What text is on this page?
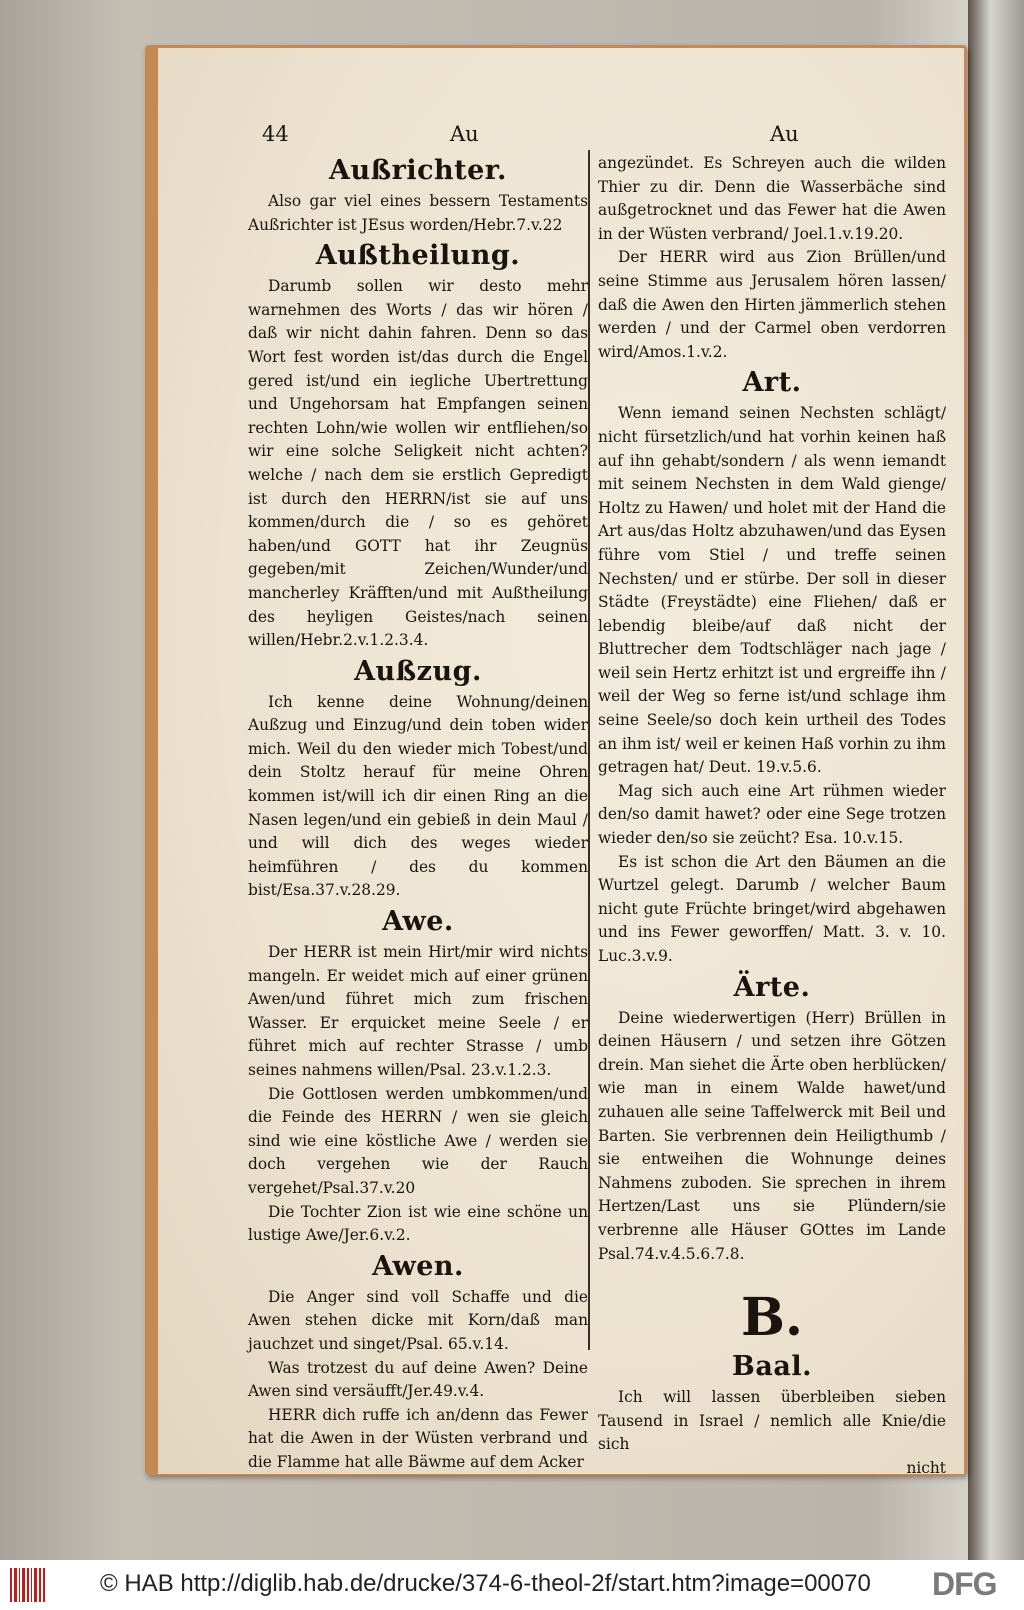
44	Au	Au
Außrichter.

Also gar viel eines bessern Testaments Außrichter ist JEsus worden/Hebr.7.v.22

Außtheilung.

Darumb sollen wir desto mehr warnehmen des Worts / das wir hören / daß wir nicht dahin fahren. Denn so das Wort fest worden ist/das durch die Engel gered ist/und ein iegliche Ubertrettung und Ungehorsam hat Empfangen seinen rechten Lohn/wie wollen wir entfliehen/so wir eine solche Seligkeit nicht achten? welche / nach dem sie erstlich Gepredigt ist durch den HERRN/ist sie auf uns kommen/durch die / so es gehöret haben/und GOTT hat ihr Zeugnüs gegeben/mit Zeichen/Wunder/und mancherley Kräfften/und mit Außtheilung des heyligen Geistes/nach seinen willen/Hebr.2.v.1.2.3.4.

Außzug.

Ich kenne deine Wohnung/deinen Außzug und Einzug/und dein toben wider mich. Weil du den wieder mich Tobest/und dein Stoltz herauf für meine Ohren kommen ist/will ich dir einen Ring an die Nasen legen/und ein gebieß in dein Maul / und will dich des weges wieder heimführen / des du kommen bist/Esa.37.v.28.29.

Awe.

Der HERR ist mein Hirt/mir wird nichts mangeln. Er weidet mich auf einer grünen Awen/und führet mich zum frischen Wasser. Er erquicket meine Seele / er führet mich auf rechter Strasse / umb seines nahmens willen/Psal. 23.v.1.2.3.

Die Gottlosen werden umbkommen/und die Feinde des HERRN / wen sie gleich sind wie eine köstliche Awe / werden sie doch vergehen wie der Rauch vergehet/Psal.37.v.20

Die Tochter Zion ist wie eine schöne un lustige Awe/Jer.6.v.2.

Awen.

Die Anger sind voll Schaffe und die Awen stehen dicke mit Korn/daß man jauchzet und singet/Psal. 65.v.14.

Was trotzest du auf deine Awen? Deine Awen sind versäufft/Jer.49.v.4.

HERR dich ruffe ich an/denn das Fewer hat die Awen in der Wüsten verbrand und die Flamme hat alle Bäwme auf dem Acker

angezündet. Es Schreyen auch die wilden Thier zu dir. Denn die Wasserbäche sind außgetrocknet und das Fewer hat die Awen in der Wüsten verbrand/ Joel.1.v.19.20.

Der HERR wird aus Zion Brüllen/und seine Stimme aus Jerusalem hören lassen/ daß die Awen den Hirten jämmerlich stehen werden / und der Carmel oben verdorren wird/Amos.1.v.2.

Art.

Wenn iemand seinen Nechsten schlägt/ nicht fürsetzlich/und hat vorhin keinen haß auf ihn gehabt/sondern / als wenn iemandt mit seinem Nechsten in dem Wald gienge/ Holtz zu Hawen/ und holet mit der Hand die Art aus/das Holtz abzuhawen/und das Eysen führe vom Stiel / und treffe seinen Nechsten/ und er stürbe. Der soll in dieser Städte (Freystädte) eine Fliehen/ daß er lebendig bleibe/auf daß nicht der Bluttrecher dem Todtschläger nach jage / weil sein Hertz erhitzt ist und ergreiffe ihn / weil der Weg so ferne ist/und schlage ihm seine Seele/so doch kein urtheil des Todes an ihm ist/ weil er keinen Haß vorhin zu ihm getragen hat/ Deut. 19.v.5.6.

Mag sich auch eine Art rühmen wieder den/so damit hawet? oder eine Sege trotzen wieder den/so sie zeücht? Esa. 10.v.15.

Es ist schon die Art den Bäumen an die Wurtzel gelegt. Darumb / welcher Baum nicht gute Früchte bringet/wird abgehawen und ins Fewer geworffen/ Matt. 3. v. 10. Luc.3.v.9.

Ärte.

Deine wiederwertigen (Herr) Brüllen in deinen Häusern / und setzen ihre Götzen drein. Man siehet die Ärte oben herblücken/ wie man in einem Walde hawet/und zuhauen alle seine Taffelwerck mit Beil und Barten. Sie verbrennen dein Heiligthumb / sie entweihen die Wohnunge deines Nahmens zuboden. Sie sprechen in ihrem Hertzen/Last uns sie Plündern/sie verbrenne alle Häuser GOttes im Lande Psal.74.v.4.5.6.7.8.

B.
Baal.

Ich will lassen überbleiben sieben Tausend in Israel / nemlich alle Knie/die sich

nicht
© HAB http://diglib.hab.de/drucke/374-6-theol-2f/start.htm?image=00070 DFG
